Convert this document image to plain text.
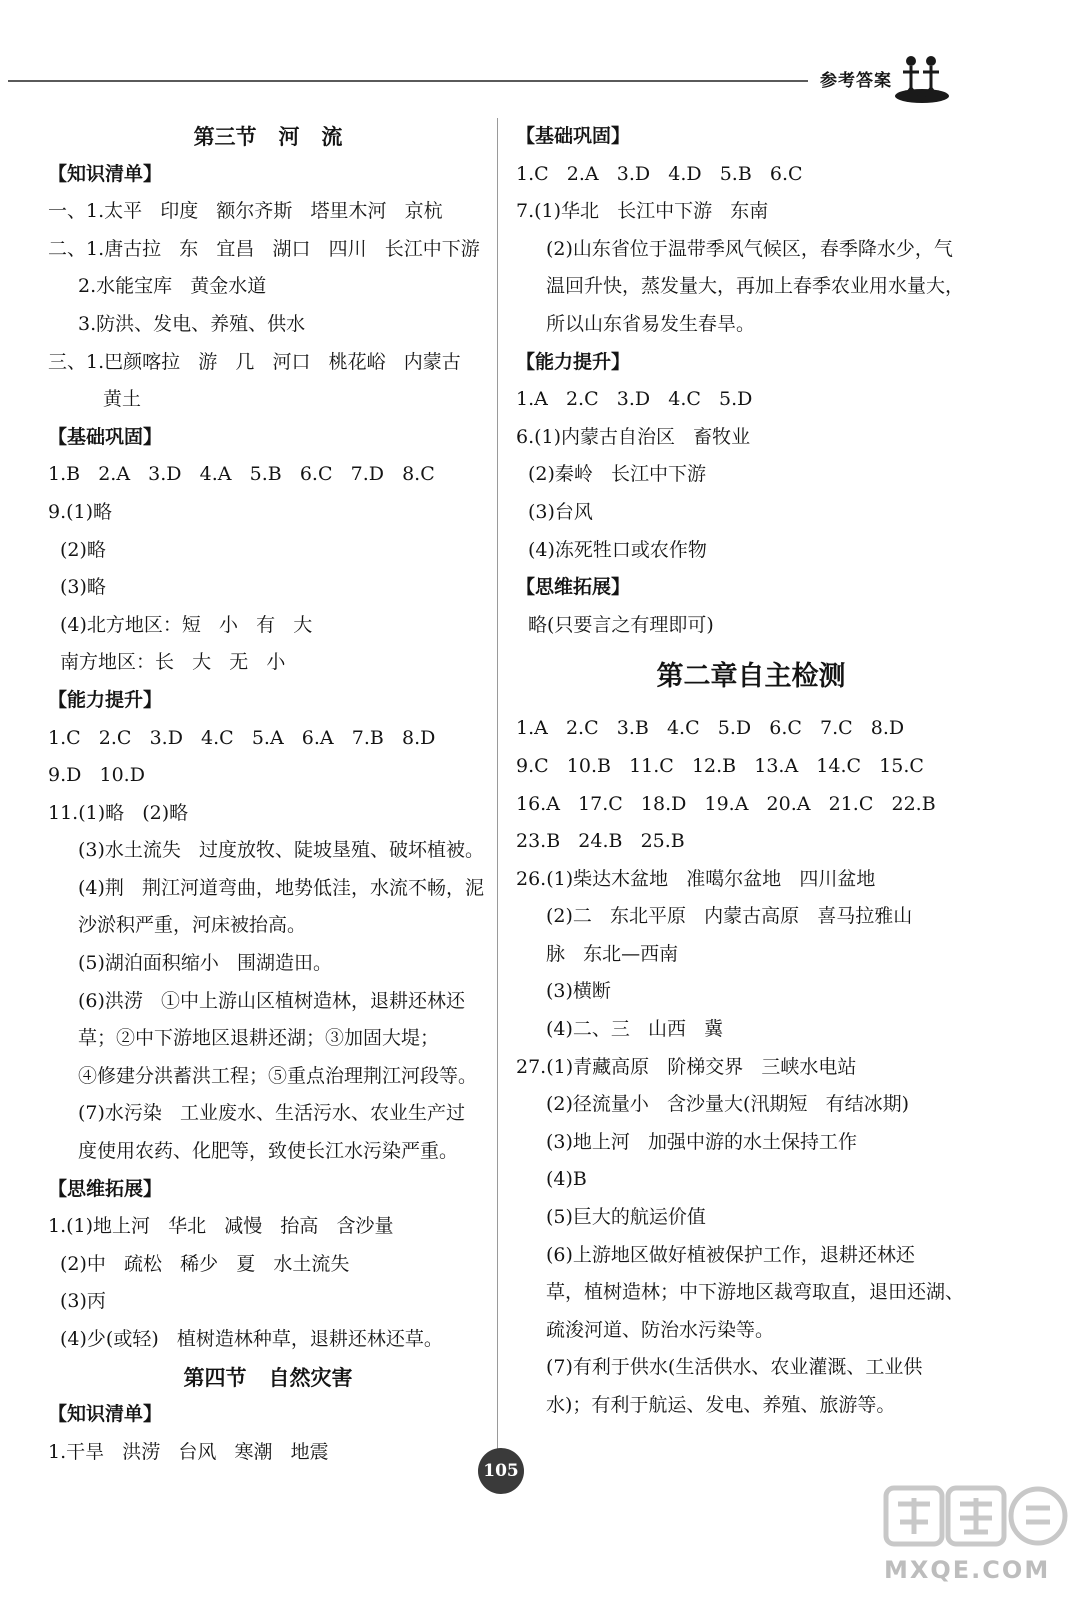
参考答案
第三节   河   流
【知识清单】
一、1.太平   印度   额尔齐斯   塔里木河   京杭
二、1.唐古拉   东   宜昌   湖口   四川   长江中下游
2.水能宝库   黄金水道
3.防洪、发电、养殖、供水
三、1.巴颜喀拉   游   几   河口   桃花峪   内蒙古
黄土
【基础巩固】
1.B   2.A   3.D   4.A   5.B   6.C   7.D   8.C
9.(1)略
(2)略
(3)略
(4)北方地区：短   小   有   大
南方地区：长   大   无   小
【能力提升】
1.C   2.C   3.D   4.C   5.A   6.A   7.B   8.D
9.D   10.D
11.(1)略   (2)略
(3)水土流失   过度放牧、陡坡垦殖、破坏植被。
(4)荆   荆江河道弯曲，地势低洼，水流不畅，泥
沙淤积严重，河床被抬高。
(5)湖泊面积缩小   围湖造田。
(6)洪涝   ①中上游山区植树造林，退耕还林还
草；②中下游地区退耕还湖；③加固大堤；
④修建分洪蓄洪工程；⑤重点治理荆江河段等。
(7)水污染   工业废水、生活污水、农业生产过
度使用农药、化肥等，致使长江水污染严重。
【思维拓展】
1.(1)地上河   华北   减慢   抬高   含沙量
(2)中   疏松   稀少   夏   水土流失
(3)丙
(4)少(或轻)   植树造林种草，退耕还林还草。
第四节   自然灾害
【知识清单】
1.干旱   洪涝   台风   寒潮   地震
【基础巩固】
1.C   2.A   3.D   4.D   5.B   6.C
7.(1)华北   长江中下游   东南
(2)山东省位于温带季风气候区，春季降水少，气
温回升快，蒸发量大，再加上春季农业用水量大，
所以山东省易发生春旱。
【能力提升】
1.A   2.C   3.D   4.C   5.D
6.(1)内蒙古自治区   畜牧业
(2)秦岭   长江中下游
(3)台风
(4)冻死牲口或农作物
【思维拓展】
略(只要言之有理即可)
第二章自主检测
1.A   2.C   3.B   4.C   5.D   6.C   7.C   8.D
9.C   10.B   11.C   12.B   13.A   14.C   15.C
16.A   17.C   18.D   19.A   20.A   21.C   22.B
23.B   24.B   25.B
26.(1)柴达木盆地   准噶尔盆地   四川盆地
(2)二   东北平原   内蒙古高原   喜马拉雅山
脉   东北—西南
(3)横断
(4)二、三   山西   冀
27.(1)青藏高原   阶梯交界   三峡水电站
(2)径流量小   含沙量大(汛期短   有结冰期)
(3)地上河   加强中游的水土保持工作
(4)B
(5)巨大的航运价值
(6)上游地区做好植被保护工作，退耕还林还
草，植树造林；中下游地区裁弯取直，退田还湖、
疏浚河道、防治水污染等。
(7)有利于供水(生活供水、农业灌溉、工业供
水)；有利于航运、发电、养殖、旅游等。
105
MXQE.COM
